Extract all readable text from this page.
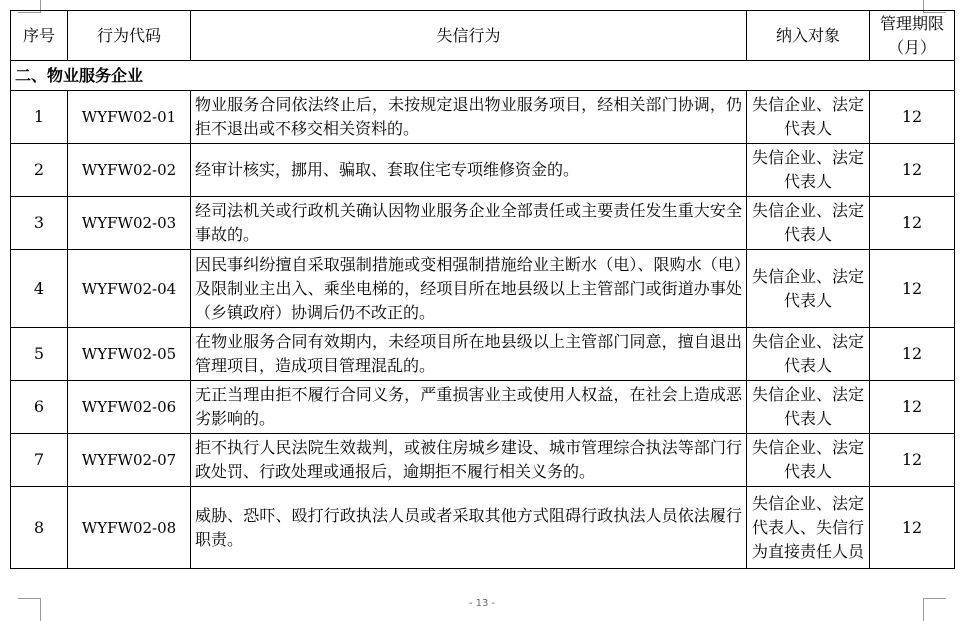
序号	行为代码	失信行为	纳入对象	管理期限（月）
二、物业服务企业				
1	WYFW02-01	物业服务合同依法终止后，未按规定退出物业服务项目，经相关部门协调，仍拒不退出或不移交相关资料的。	失信企业、法定代表人	12
2	WYFW02-02	经审计核实，挪用、骗取、套取住宅专项维修资金的。	失信企业、法定代表人	12
3	WYFW02-03	经司法机关或行政机关确认因物业服务企业全部责任或主要责任发生重大安全事故的。	失信企业、法定代表人	12
4	WYFW02-04	因民事纠纷擅自采取强制措施或变相强制措施给业主断水（电）、限购水（电）及限制业主出入、乘坐电梯的，经项目所在地县级以上主管部门或街道办事处（乡镇政府）协调后仍不改正的。	失信企业、法定代表人	12
5	WYFW02-05	在物业服务合同有效期内，未经项目所在地县级以上主管部门同意，擅自退出管理项目，造成项目管理混乱的。	失信企业、法定代表人	12
6	WYFW02-06	无正当理由拒不履行合同义务，严重损害业主或使用人权益，在社会上造成恶劣影响的。	失信企业、法定代表人	12
7	WYFW02-07	拒不执行人民法院生效裁判，或被住房城乡建设、城市管理综合执法等部门行政处罚、行政处理或通报后，逾期拒不履行相关义务的。	失信企业、法定代表人	12
8	WYFW02-08	威胁、恐吓、殴打行政执法人员或者采取其他方式阻碍行政执法人员依法履行职责。	失信企业、法定代表人、失信行为直接责任人员	12
- 13 -
